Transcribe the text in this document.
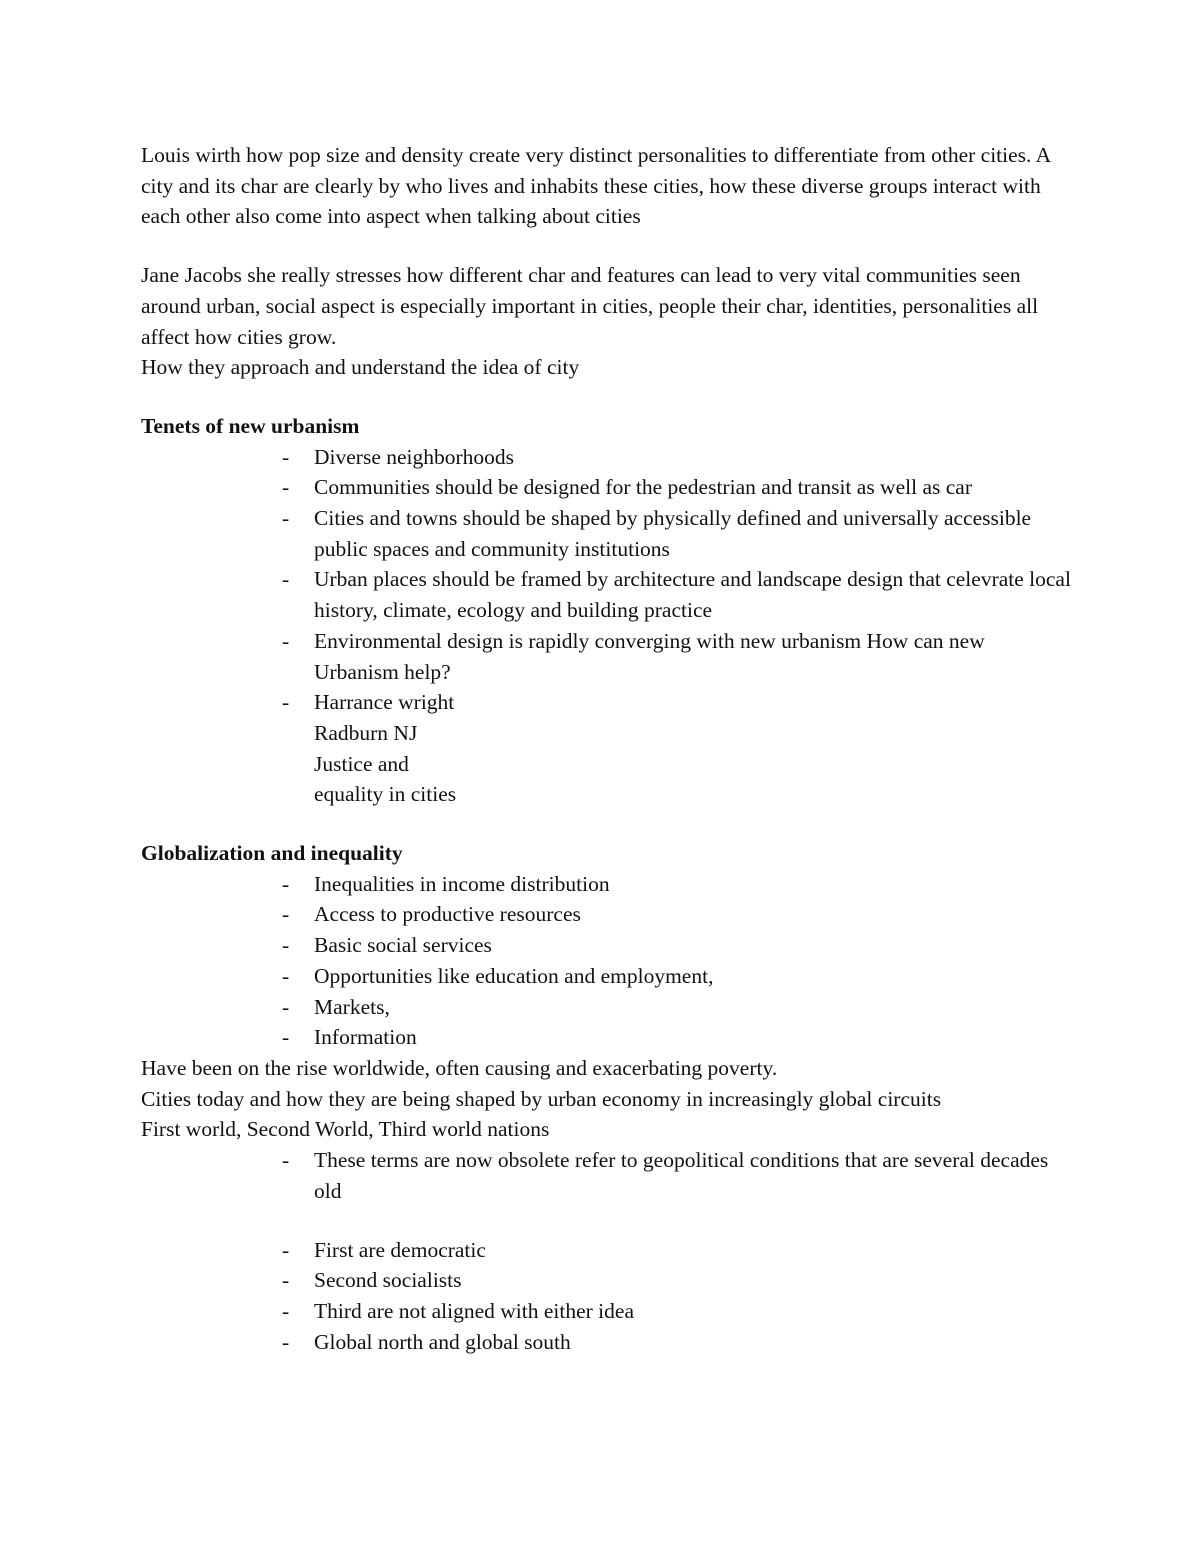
Louis wirth how pop size and density create very distinct personalities to differentiate from other cities. A city and its char are clearly by who lives and inhabits these cities, how these diverse groups interact with each other also come into aspect when talking about cities

Jane Jacobs she really stresses how different char and features can lead to very vital communities seen around urban, social aspect is especially important in cities, people their char, identities, personalities all affect how cities grow.

How they approach and understand the idea of city

Tenets of new urbanism

- Diverse neighborhoods
- Communities should be designed for the pedestrian and transit as well as car
- Cities and towns should be shaped by physically defined and universally accessible public spaces and community institutions
- Urban places should be framed by architecture and landscape design that celevrate local history, climate, ecology and building practice
- Environmental design is rapidly converging with new urbanism How can new Urbanism help?
- Harrance wright
Radburn NJ
Justice and
equality in cities

Globalization and inequality

- Inequalities in income distribution
- Access to productive resources
- Basic social services
- Opportunities like education and employment,
- Markets,
- Information

Have been on the rise worldwide, often causing and exacerbating poverty.

Cities today and how they are being shaped by urban economy in increasingly global circuits

First world, Second World, Third world nations

- These terms are now obsolete refer to geopolitical conditions that are several decades old
- First are democratic
- Second socialists
- Third are not aligned with either idea
- Global north and global south
